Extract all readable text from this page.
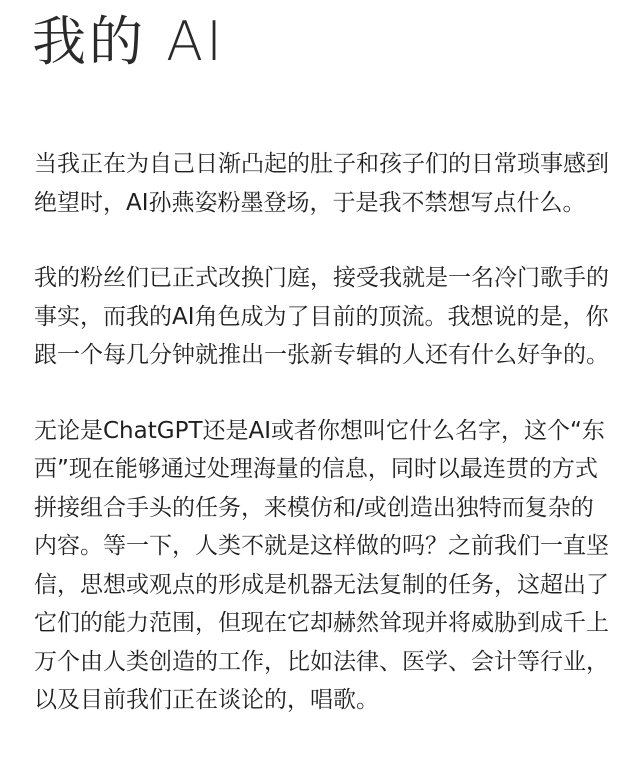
我的 AI

当我正在为自己日渐凸起的肚子和孩子们的日常琐事感到绝望时，AI孙燕姿粉墨登场，于是我不禁想写点什么。

我的粉丝们已正式改换门庭，接受我就是一名冷门歌手的事实，而我的AI角色成为了目前的顶流。我想说的是，你跟一个每几分钟就推出一张新专辑的人还有什么好争的。

无论是ChatGPT还是AI或者你想叫它什么名字，这个“东西”现在能够通过处理海量的信息，同时以最连贯的方式拼接组合手头的任务，来模仿和/或创造出独特而复杂的内容。等一下，人类不就是这样做的吗？之前我们一直坚信，思想或观点的形成是机器无法复制的任务，这超出了它们的能力范围，但现在它却赫然耸现并将威胁到成千上万个由人类创造的工作，比如法律、医学、会计等行业，以及目前我们正在谈论的，唱歌。
